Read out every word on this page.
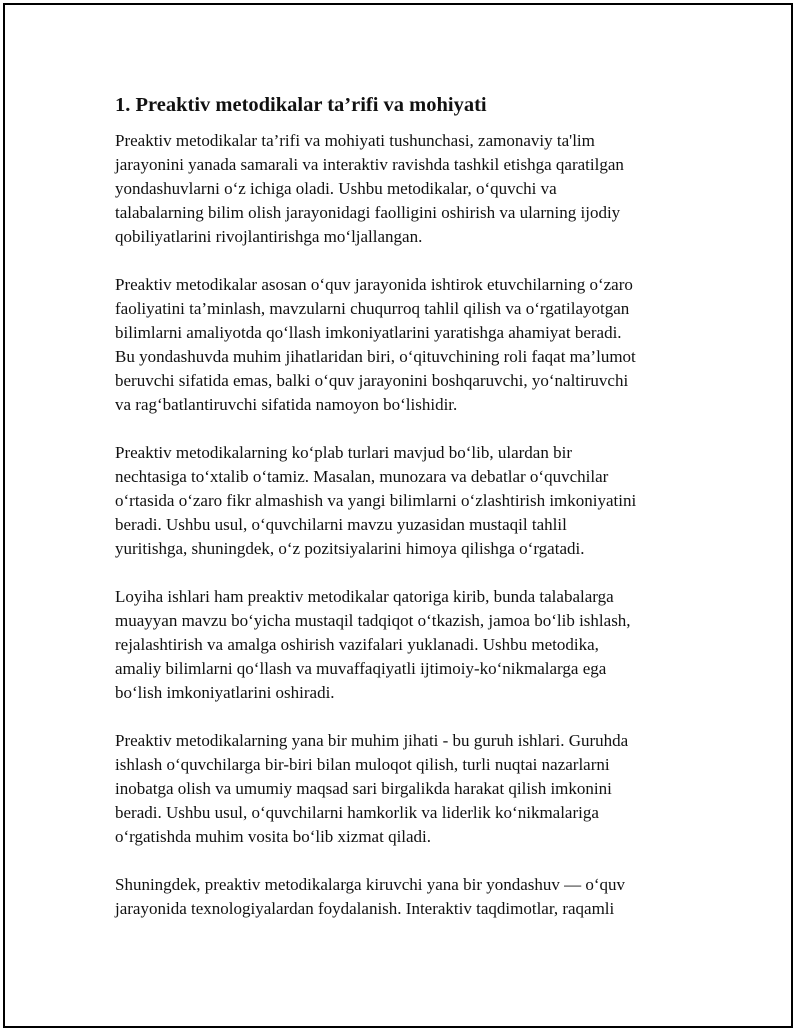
1. Preaktiv metodikalar ta’rifi va mohiyati

Preaktiv metodikalar ta’rifi va mohiyati tushunchasi, zamonaviy ta'lim
jarayonini yanada samarali va interaktiv ravishda tashkil etishga qaratilgan
yondashuvlarni o‘z ichiga oladi. Ushbu metodikalar, o‘quvchi va
talabalarning bilim olish jarayonidagi faolligini oshirish va ularning ijodiy
qobiliyatlarini rivojlantirishga mo‘ljallangan.

Preaktiv metodikalar asosan o‘quv jarayonida ishtirok etuvchilarning o‘zaro
faoliyatini ta’minlash, mavzularni chuqurroq tahlil qilish va o‘rgatilayotgan
bilimlarni amaliyotda qo‘llash imkoniyatlarini yaratishga ahamiyat beradi.
Bu yondashuvda muhim jihatlaridan biri, o‘qituvchining roli faqat ma’lumot
beruvchi sifatida emas, balki o‘quv jarayonini boshqaruvchi, yo‘naltiruvchi
va rag‘batlantiruvchi sifatida namoyon bo‘lishidir.

Preaktiv metodikalarning ko‘plab turlari mavjud bo‘lib, ulardan bir
nechtasiga to‘xtalib o‘tamiz. Masalan, munozara va debatlar o‘quvchilar
o‘rtasida o‘zaro fikr almashish va yangi bilimlarni o‘zlashtirish imkoniyatini
beradi. Ushbu usul, o‘quvchilarni mavzu yuzasidan mustaqil tahlil
yuritishga, shuningdek, o‘z pozitsiyalarini himoya qilishga o‘rgatadi.

Loyiha ishlari ham preaktiv metodikalar qatoriga kirib, bunda talabalarga
muayyan mavzu bo‘yicha mustaqil tadqiqot o‘tkazish, jamoa bo‘lib ishlash,
rejalashtirish va amalga oshirish vazifalari yuklanadi. Ushbu metodika,
amaliy bilimlarni qo‘llash va muvaffaqiyatli ijtimoiy-ko‘nikmalarga ega
bo‘lish imkoniyatlarini oshiradi.

Preaktiv metodikalarning yana bir muhim jihati - bu guruh ishlari. Guruhda
ishlash o‘quvchilarga bir-biri bilan muloqot qilish, turli nuqtai nazarlarni
inobatga olish va umumiy maqsad sari birgalikda harakat qilish imkonini
beradi. Ushbu usul, o‘quvchilarni hamkorlik va liderlik ko‘nikmalariga
o‘rgatishda muhim vosita bo‘lib xizmat qiladi.

Shuningdek, preaktiv metodikalarga kiruvchi yana bir yondashuv — o‘quv
jarayonida texnologiyalardan foydalanish. Interaktiv taqdimotlar, raqamli
